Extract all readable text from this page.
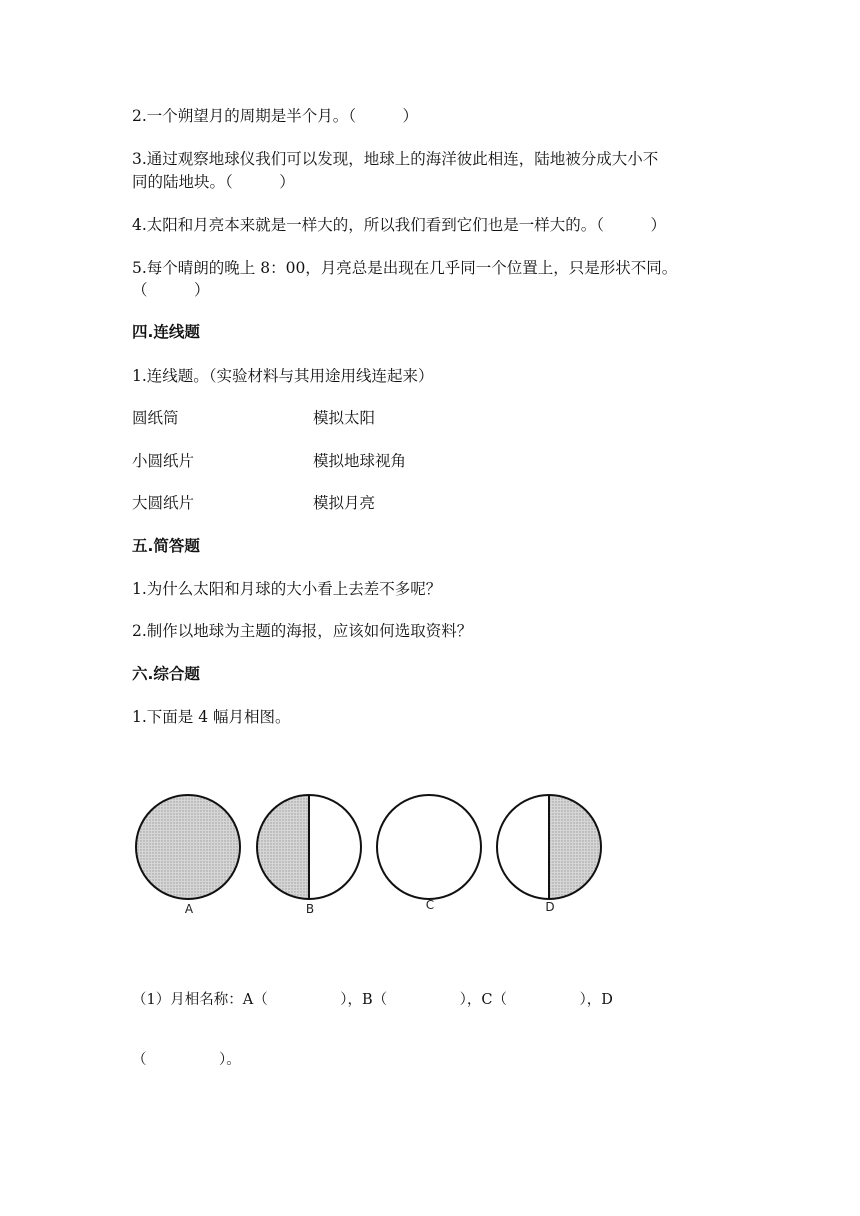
2.一个朔望月的周期是半个月。（　　　）
3.通过观察地球仪我们可以发现，地球上的海洋彼此相连，陆地被分成大小不
同的陆地块。（　　　）
4.太阳和月亮本来就是一样大的，所以我们看到它们也是一样大的。（　　　）
5.每个晴朗的晚上 8：00，月亮总是出现在几乎同一个位置上，只是形状不同。
（　　　）
四.连线题
1.连线题。（实验材料与其用途用线连起来）
圆纸筒	模拟太阳
小圆纸片	模拟地球视角
大圆纸片	模拟月亮
五.简答题
1.为什么太阳和月球的大小看上去差不多呢？
2.制作以地球为主题的海报，应该如何选取资料？
六.综合题
1.下面是 4 幅月相图。
A	B	C	D
（1）月相名称：A（　　　　　），B（　　　　　），C（　　　　　），D
（　　　　　）。
